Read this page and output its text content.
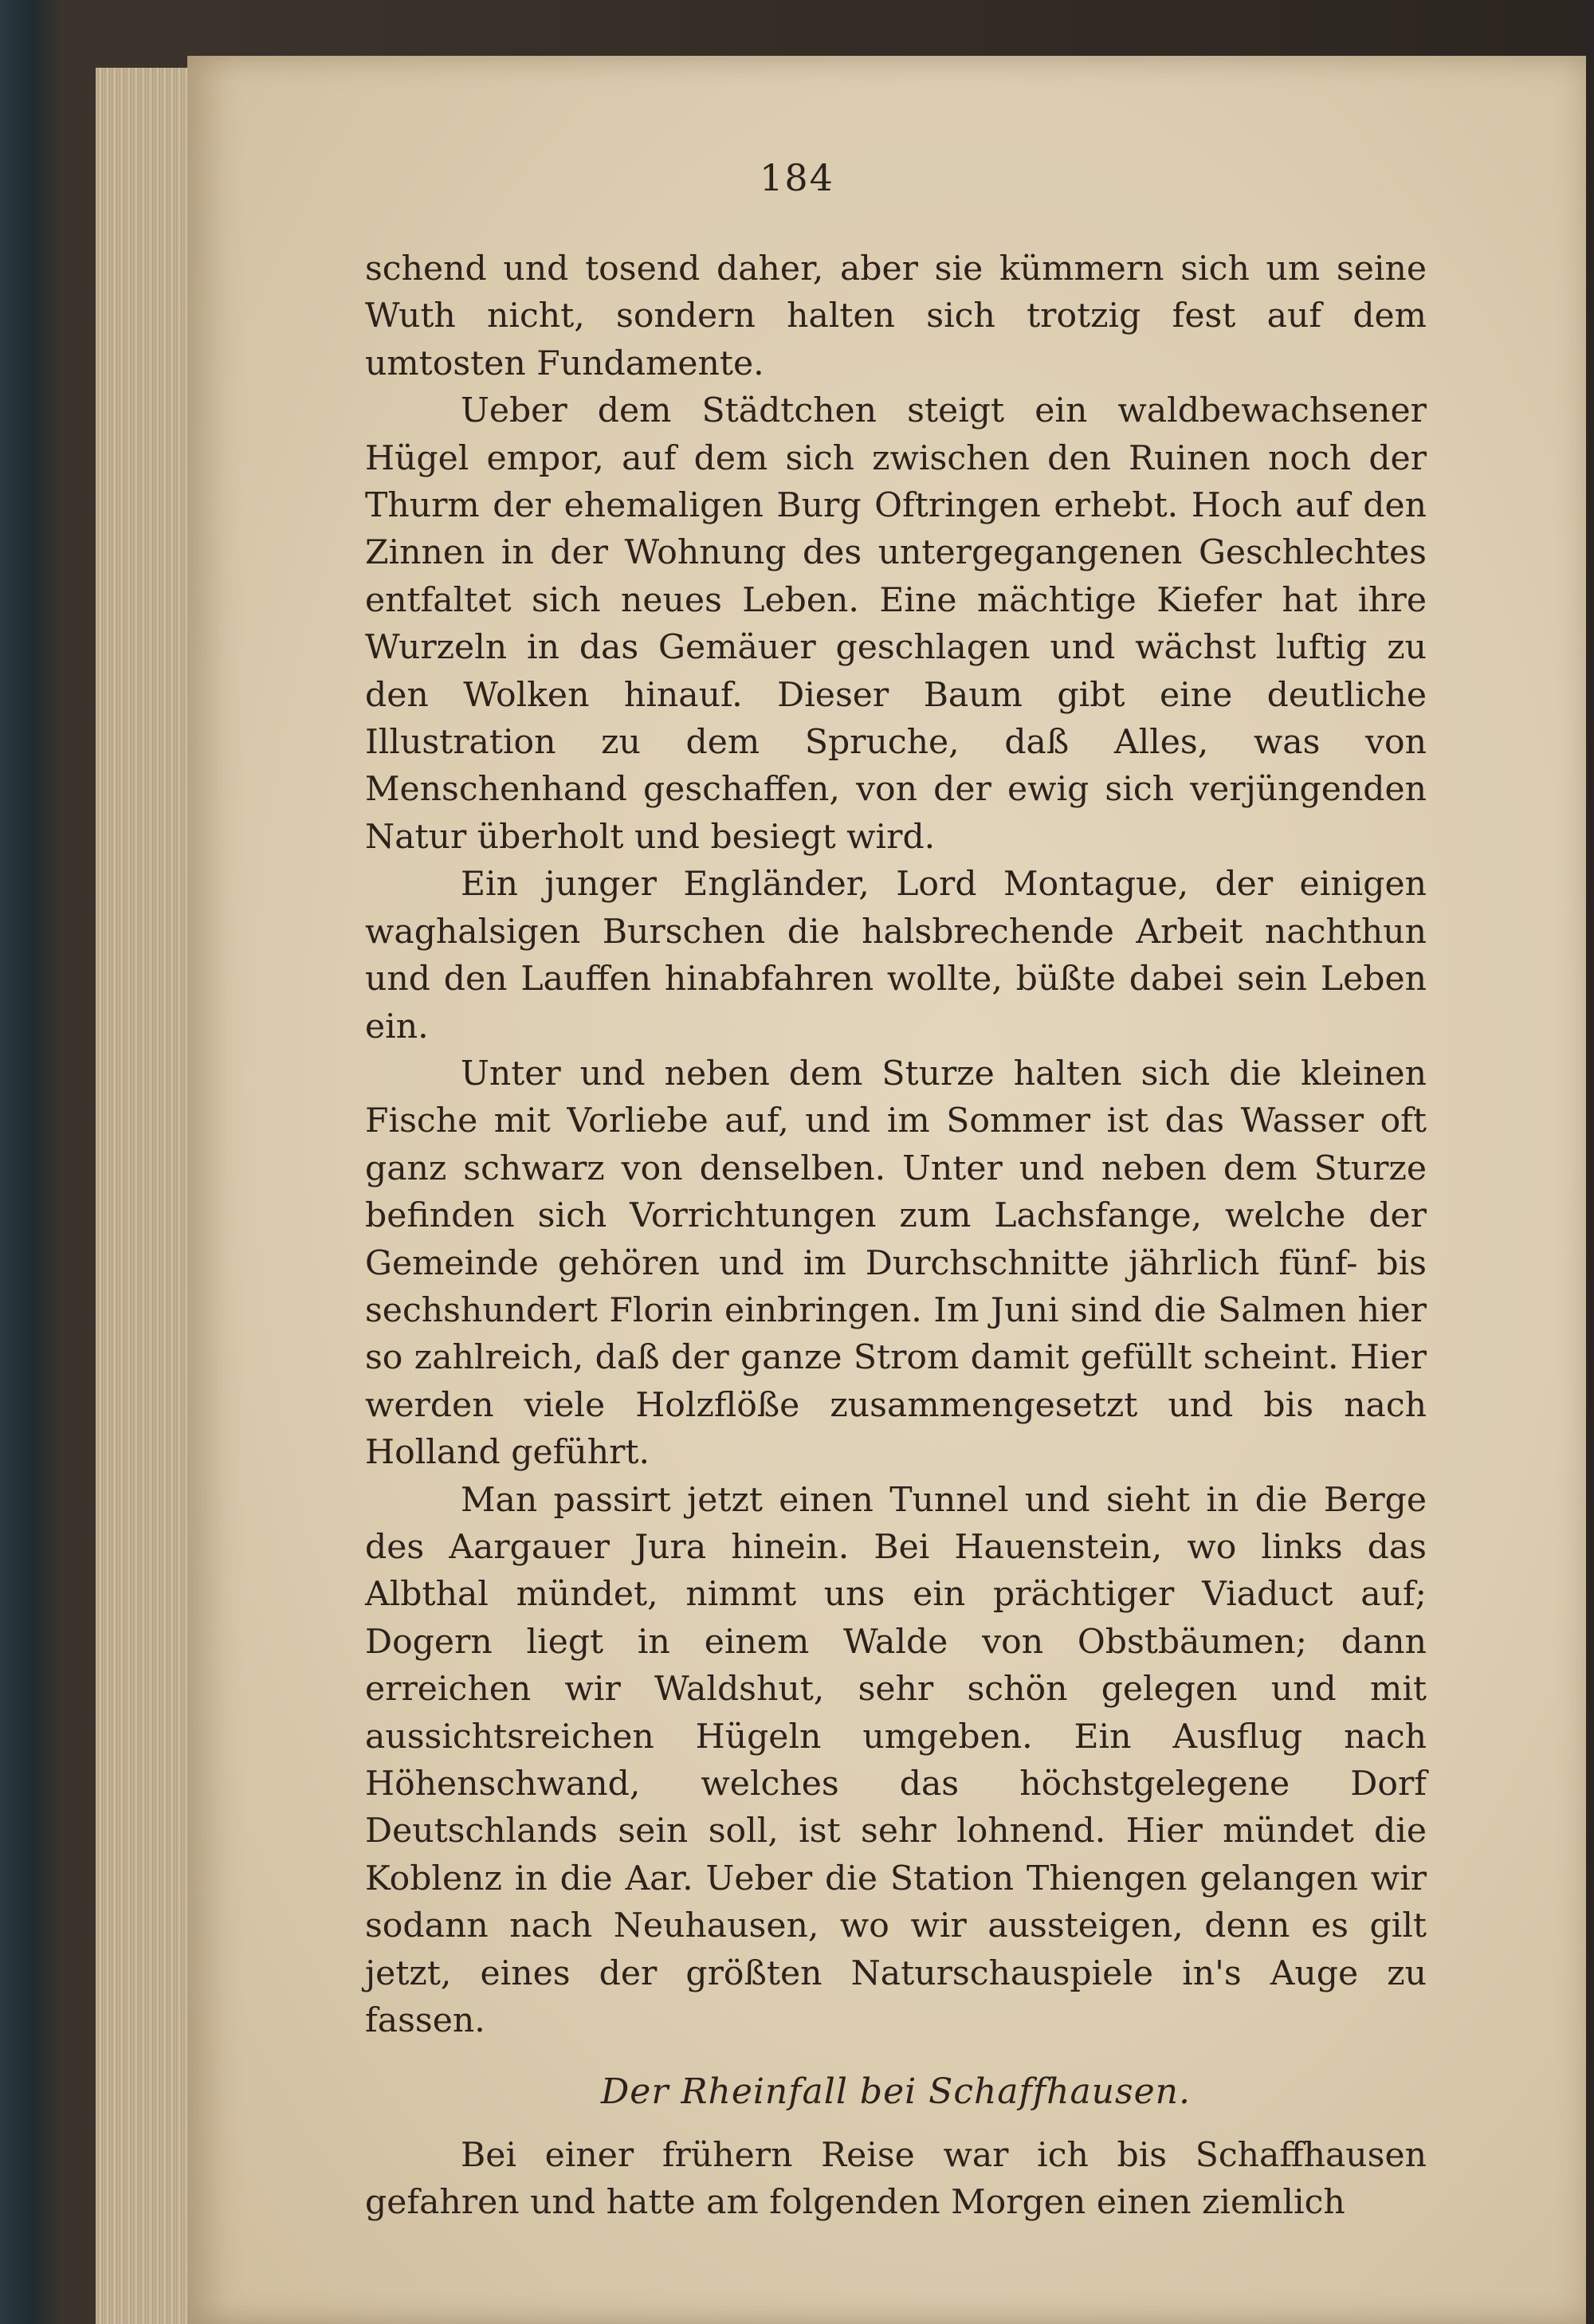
184

schend und tosend daher, aber sie kümmern sich um seine Wuth nicht, sondern halten sich trotzig fest auf dem umtosten Fundamente.

Ueber dem Städtchen steigt ein waldbewachsener Hügel empor, auf dem sich zwischen den Ruinen noch der Thurm der ehemaligen Burg Oftringen erhebt. Hoch auf den Zinnen in der Wohnung des untergegangenen Geschlechtes entfaltet sich neues Leben. Eine mächtige Kiefer hat ihre Wurzeln in das Gemäuer geschlagen und wächst luftig zu den Wolken hinauf. Dieser Baum gibt eine deutliche Illustration zu dem Spruche, daß Alles, was von Menschenhand geschaffen, von der ewig sich verjüngenden Natur überholt und besiegt wird.

Ein junger Engländer, Lord Montague, der einigen waghalsigen Burschen die halsbrechende Arbeit nachthun und den Lauffen hinabfahren wollte, büßte dabei sein Leben ein.

Unter und neben dem Sturze halten sich die kleinen Fische mit Vorliebe auf, und im Sommer ist das Wasser oft ganz schwarz von denselben. Unter und neben dem Sturze befinden sich Vorrichtungen zum Lachsfange, welche der Gemeinde gehören und im Durchschnitte jährlich fünf- bis sechshundert Florin einbringen. Im Juni sind die Salmen hier so zahlreich, daß der ganze Strom damit gefüllt scheint. Hier werden viele Holzflöße zusammengesetzt und bis nach Holland geführt.

Man passirt jetzt einen Tunnel und sieht in die Berge des Aargauer Jura hinein. Bei Hauenstein, wo links das Albthal mündet, nimmt uns ein prächtiger Viaduct auf; Dogern liegt in einem Walde von Obstbäumen; dann erreichen wir Waldshut, sehr schön gelegen und mit aussichtsreichen Hügeln umgeben. Ein Ausflug nach Höhenschwand, welches das höchstgelegene Dorf Deutschlands sein soll, ist sehr lohnend. Hier mündet die Koblenz in die Aar. Ueber die Station Thiengen gelangen wir sodann nach Neuhausen, wo wir aussteigen, denn es gilt jetzt, eines der größten Naturschauspiele in's Auge zu fassen.

Der Rheinfall bei Schaffhausen.

Bei einer frühern Reise war ich bis Schaffhausen gefahren und hatte am folgenden Morgen einen ziemlich
